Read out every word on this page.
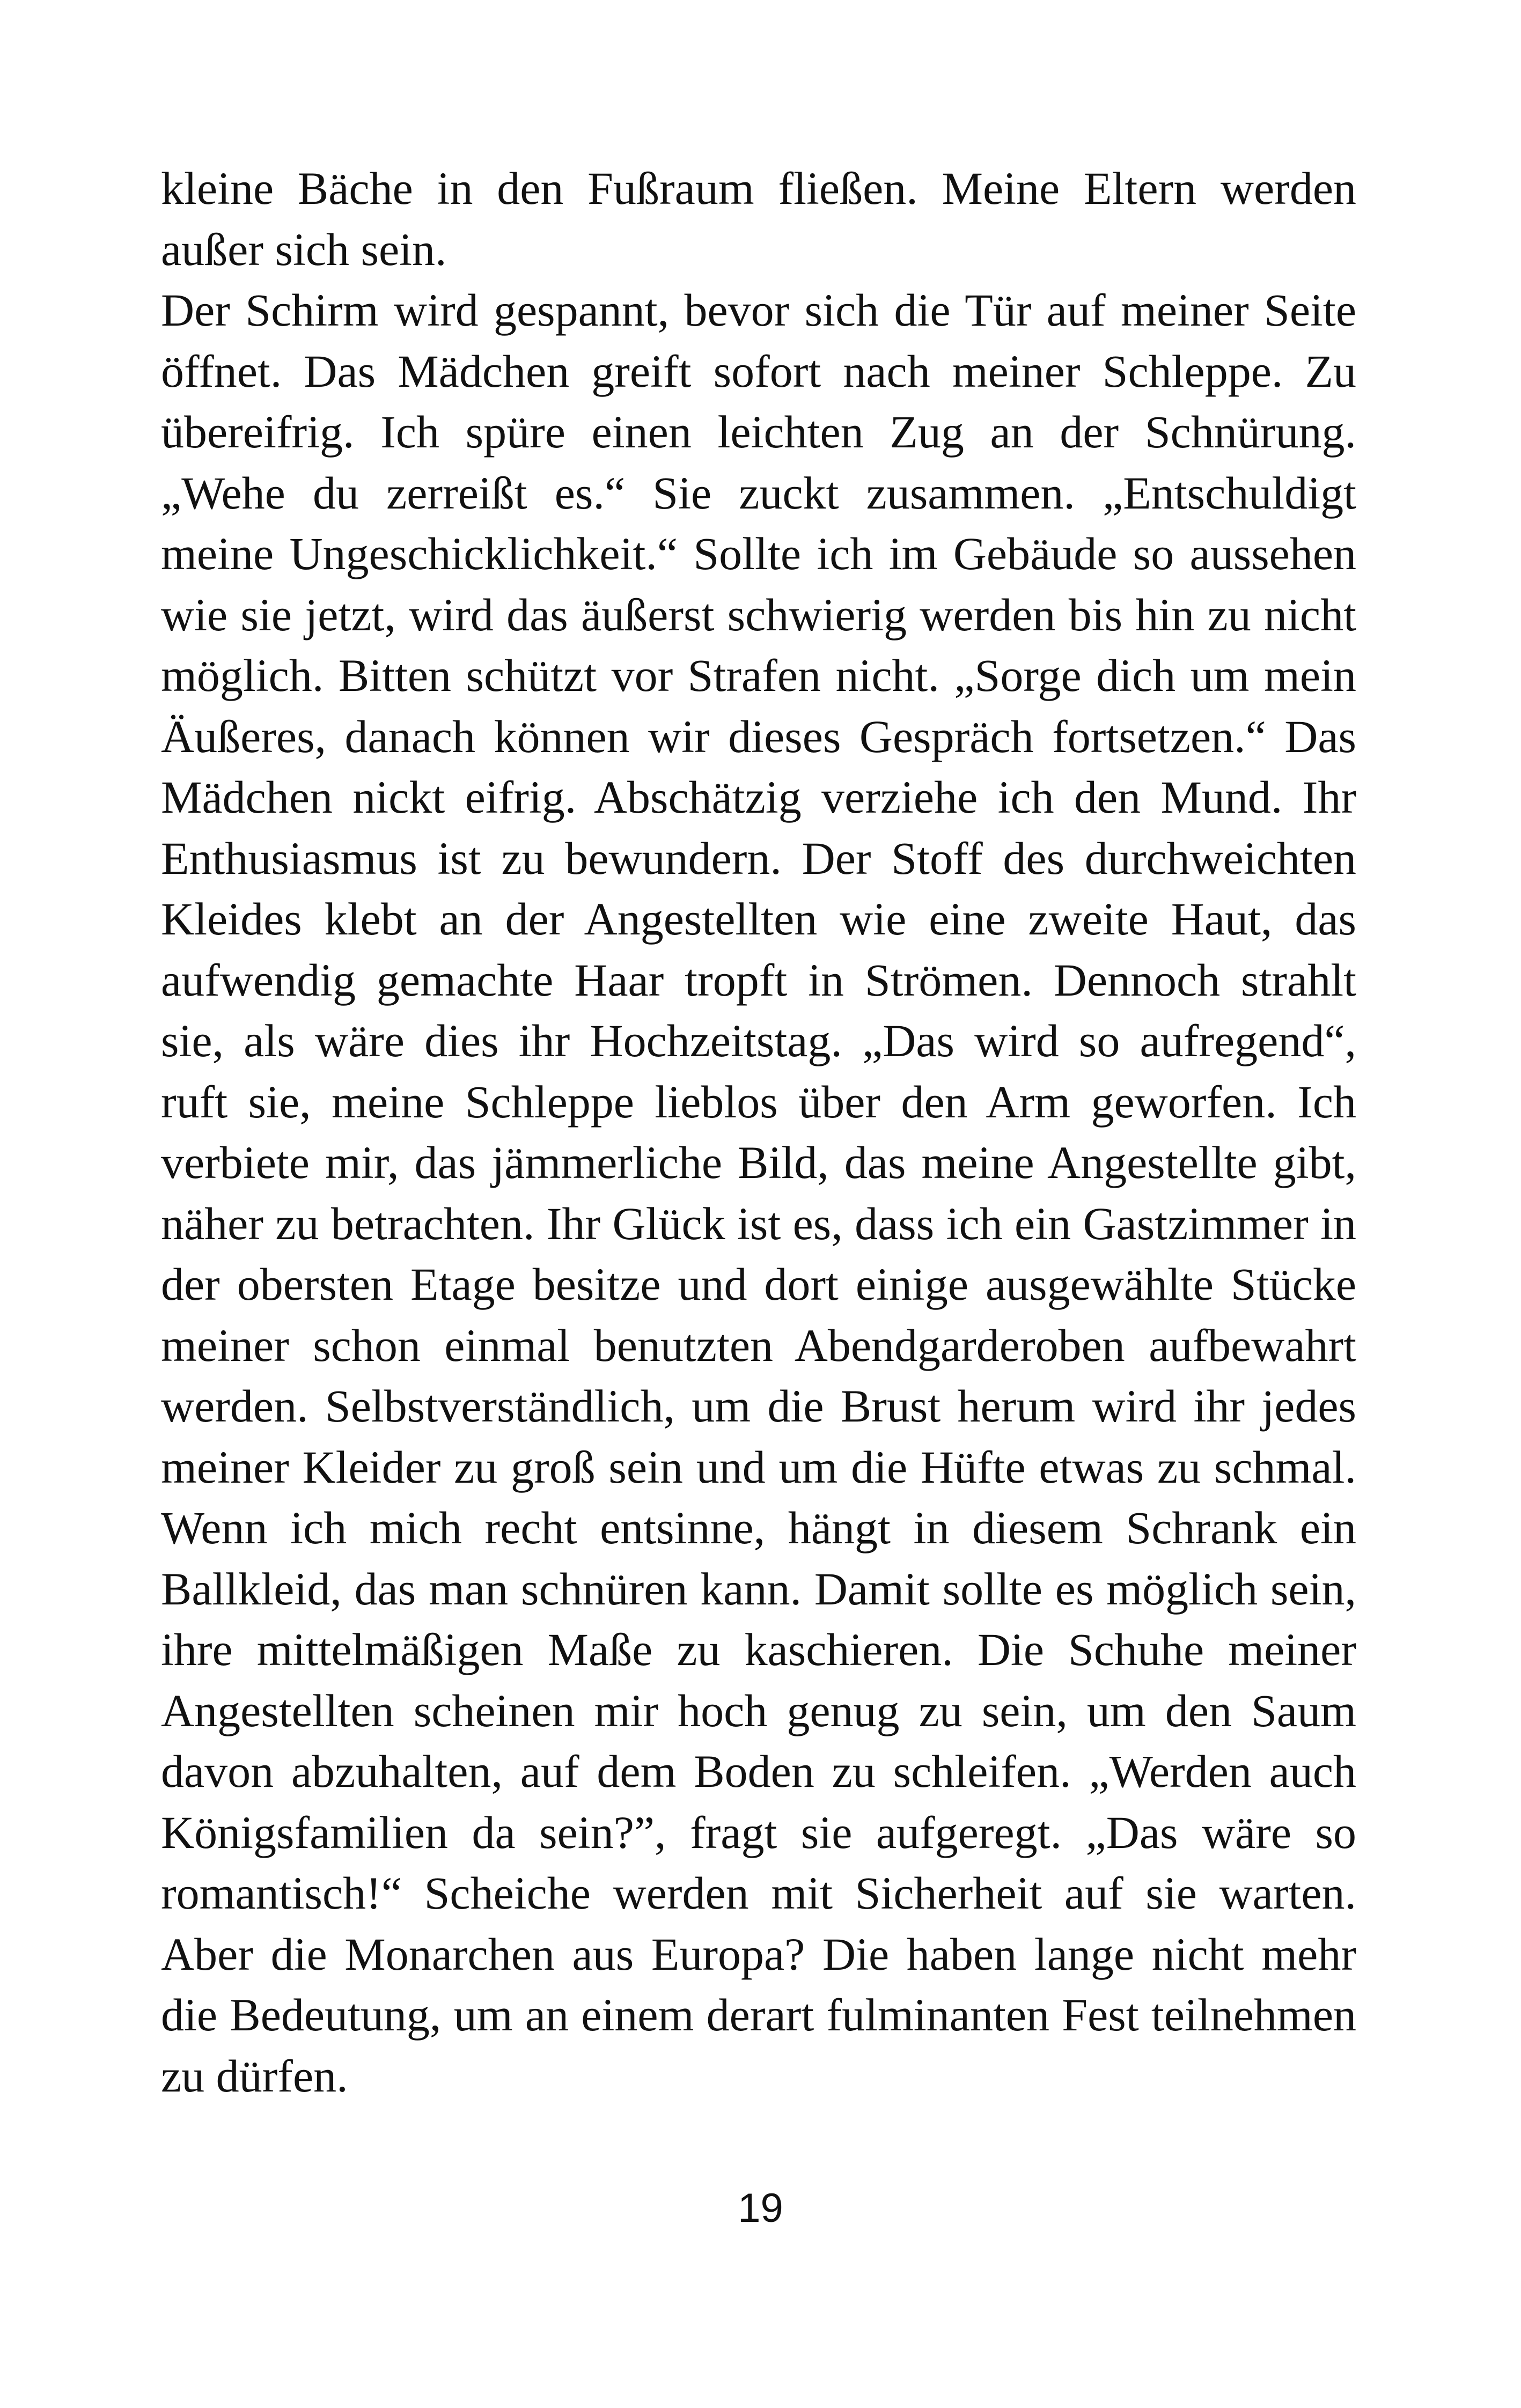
kleine Bäche in den Fußraum fließen. Meine Eltern werden außer sich sein.

Der Schirm wird gespannt, bevor sich die Tür auf meiner Seite öffnet. Das Mädchen greift sofort nach meiner Schleppe. Zu übereifrig. Ich spüre einen leichten Zug an der Schnürung. „Wehe du zerreißt es.“ Sie zuckt zusammen. „Entschuldigt meine Ungeschicklichkeit.“ Sollte ich im Gebäude so aussehen wie sie jetzt, wird das äußerst schwierig werden bis hin zu nicht möglich. Bitten schützt vor Strafen nicht. „Sorge dich um mein Äußeres, danach können wir dieses Gespräch fortsetzen.“ Das Mädchen nickt eifrig. Abschätzig verziehe ich den Mund. Ihr Enthusiasmus ist zu bewundern. Der Stoff des durchweichten Kleides klebt an der Angestellten wie eine zweite Haut, das aufwendig gemachte Haar tropft in Strömen. Dennoch strahlt sie, als wäre dies ihr Hochzeitstag. „Das wird so aufregend“, ruft sie, meine Schleppe lieblos über den Arm geworfen. Ich verbiete mir, das jämmerliche Bild, das meine Angestellte gibt, näher zu betrachten. Ihr Glück ist es, dass ich ein Gastzimmer in der obersten Etage besitze und dort einige ausgewählte Stücke meiner schon einmal benutzten Abendgarderoben aufbewahrt werden. Selbstverständlich, um die Brust herum wird ihr jedes meiner Kleider zu groß sein und um die Hüfte etwas zu schmal. Wenn ich mich recht entsinne, hängt in diesem Schrank ein Ballkleid, das man schnüren kann. Damit sollte es möglich sein, ihre mittelmäßigen Maße zu kaschieren. Die Schuhe meiner Angestellten scheinen mir hoch genug zu sein, um den Saum davon abzuhalten, auf dem Boden zu schleifen. „Werden auch Königsfamilien da sein?”, fragt sie aufgeregt. „Das wäre so romantisch!“ Scheiche werden mit Sicherheit auf sie warten. Aber die Monarchen aus Europa? Die haben lange nicht mehr die Bedeutung, um an einem derart fulminanten Fest teilnehmen zu dürfen.

19
